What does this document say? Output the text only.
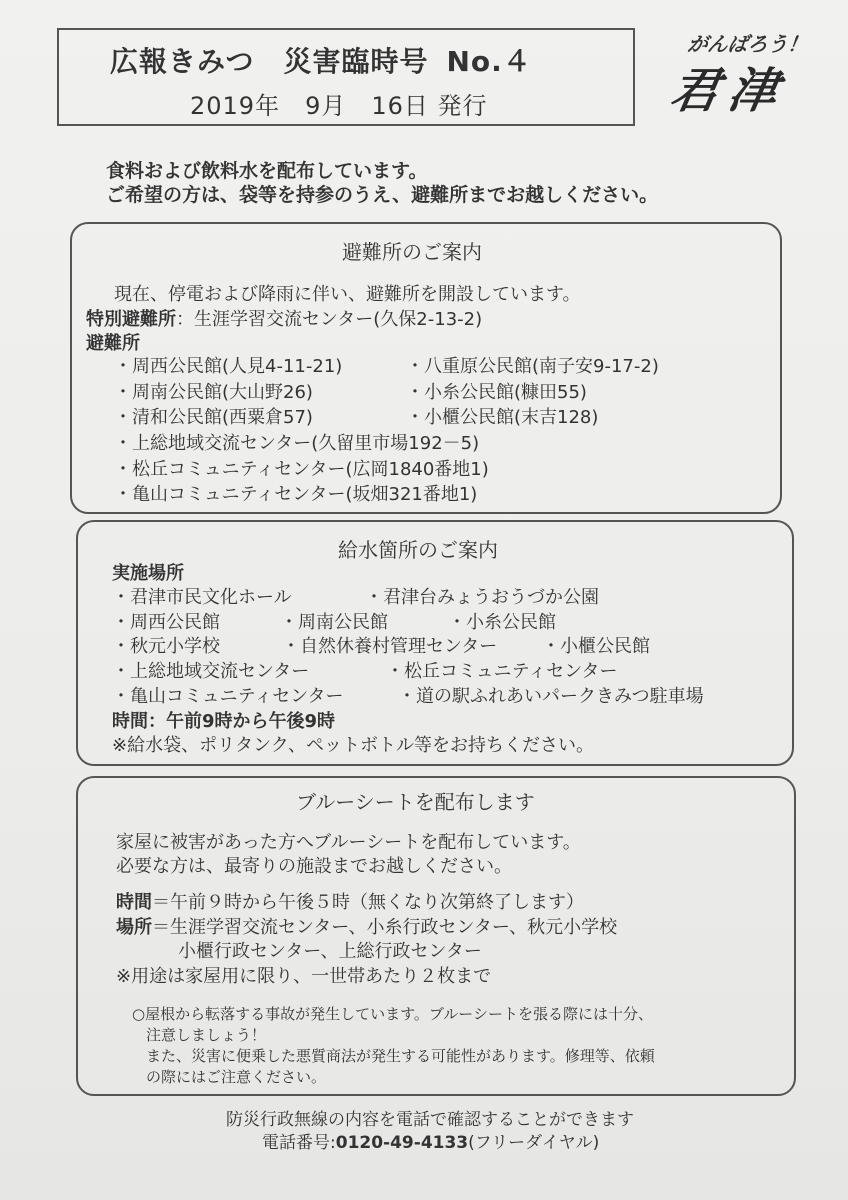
広報きみつ　災害臨時号 No.４
2019年　9月　16日 発行
がんばろう！
君津
食料および飲料水を配布しています。
ご希望の方は、袋等を持参のうえ、避難所までお越しください。
避難所のご案内
現在、停電および降雨に伴い、避難所を開設しています。
特別避難所：生涯学習交流センター(久保2-13-2)
避難所
・周西公民館(人見4-11-21)	・八重原公民館(南子安9-17-2)
・周南公民館(大山野26)	・小糸公民館(糠田55)
・清和公民館(西粟倉57)	・小櫃公民館(末吉128)
・上総地域交流センター(久留里市場192－5)
・松丘コミュニティセンター(広岡1840番地1)
・亀山コミュニティセンター(坂畑321番地1)
給水箇所のご案内
実施場所
・君津市民文化ホール	・君津台みょうおうづか公園
・周西公民館	・周南公民館	・小糸公民館
・秋元小学校	・自然休養村管理センター ・小櫃公民館
・上総地域交流センター	・松丘コミュニティセンター
・亀山コミュニティセンター	・道の駅ふれあいパークきみつ駐車場
時間：午前9時から午後9時
※給水袋、ポリタンク、ペットボトル等をお持ちください。
ブルーシートを配布します
家屋に被害があった方へブルーシートを配布しています。
必要な方は、最寄りの施設までお越しください。
時間＝午前９時から午後５時（無くなり次第終了します）
場所＝生涯学習交流センター、小糸行政センター、秋元小学校
小櫃行政センター、上総行政センター
※用途は家屋用に限り、一世帯あたり２枚まで
○屋根から転落する事故が発生しています。ブルーシートを張る際には十分、
注意しましょう！
また、災害に便乗した悪質商法が発生する可能性があります。修理等、依頼
の際にはご注意ください。
防災行政無線の内容を電話で確認することができます
電話番号:0120-49-4133(フリーダイヤル)
